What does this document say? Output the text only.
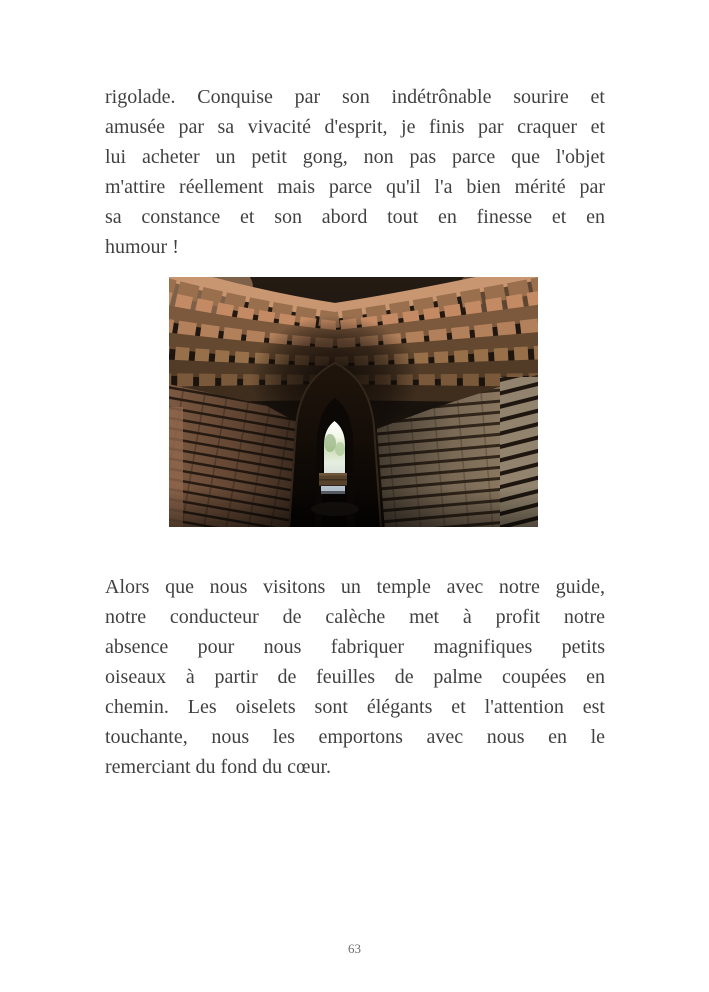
rigolade. Conquise par son indétrônable sourire et
amusée par sa vivacité d'esprit, je finis par craquer et
lui acheter un petit gong, non pas parce que l'objet
m'attire réellement mais parce qu'il l'a bien mérité par
sa constance et son abord tout en finesse et en
humour !
Alors que nous visitons un temple avec notre guide,
notre conducteur de calèche met à profit notre
absence pour nous fabriquer magnifiques petits
oiseaux à partir de feuilles de palme coupées en
chemin. Les oiselets sont élégants et l'attention est
touchante, nous les emportons avec nous en le
remerciant du fond du cœur.
63
